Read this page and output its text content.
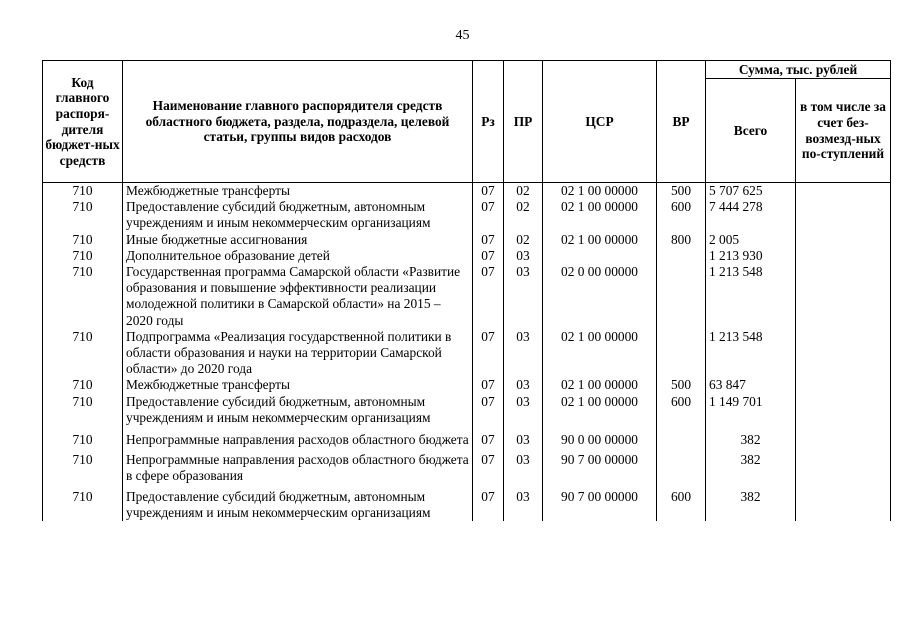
45
Код главного распоря-дителя бюджет-ных средств	Наименование главного распорядителя средств областного бюджета, раздела, подраздела, целевой статьи, группы видов расходов	Рз	ПР	ЦСР	ВР	Сумма, тыс. рублей	
						Всего	в том числе за счет без-возмезд-ных по-ступлений
710	Межбюджетные трансферты	07	02	02 1 00 00000	500	5 707 625	
710	Предоставление субсидий бюджетным, автономным учреждениям и иным некоммерческим организациям	07	02	02 1 00 00000	600	7 444 278	
710	Иные бюджетные ассигнования	07	02	02 1 00 00000	800	2 005	
710	Дополнительное образование детей	07	03			1 213 930	
710	Государственная программа Самарской области «Развитие образования и повышение эффективности реализации молодежной политики в Самарской области» на 2015 – 2020 годы	07	03	02 0 00 00000		1 213 548	
710	Подпрограмма «Реализация государственной политики в области образования и науки на территории Самарской области» до 2020 года	07	03	02 1 00 00000		1 213 548	
710	Межбюджетные трансферты	07	03	02 1 00 00000	500	63 847	
710	Предоставление субсидий бюджетным, автономным учреждениям и иным некоммерческим организациям	07	03	02 1 00 00000	600	1 149 701	
710	Непрограммные направления расходов областного бюджета	07	03	90 0 00 00000		382	
710	Непрограммные направления расходов областного бюджета в сфере образования	07	03	90 7 00 00000		382	
710	Предоставление субсидий бюджетным, автономным учреждениям и иным некоммерческим организациям	07	03	90 7 00 00000	600	382	
